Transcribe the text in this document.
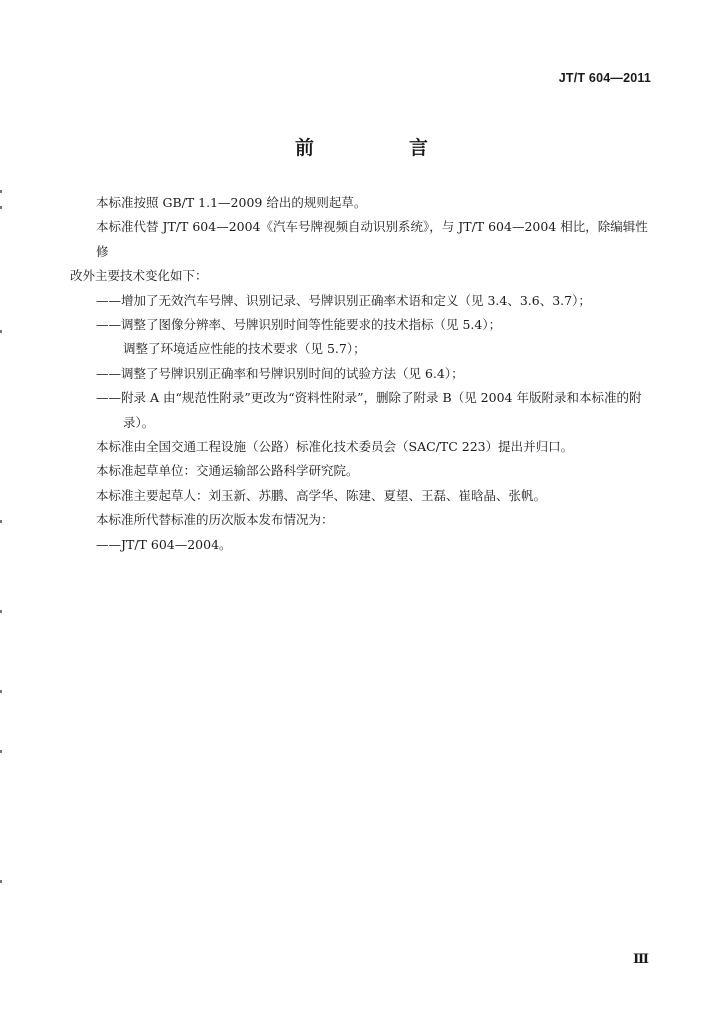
JT/T 604—2011
前　言

本标准按照 GB/T 1.1—2009 给出的规则起草。

本标准代替 JT/T 604—2004《汽车号牌视频自动识别系统》，与 JT/T 604—2004 相比，除编辑性修

改外主要技术变化如下：

——增加了无效汽车号牌、识别记录、号牌识别正确率术语和定义（见 3.4、3.6、3.7）；

——调整了图像分辨率、号牌识别时间等性能要求的技术指标（见 5.4）；

调整了环境适应性能的技术要求（见 5.7）；

——调整了号牌识别正确率和号牌识别时间的试验方法（见 6.4）；

——附录 A 由“规范性附录”更改为“资料性附录”，删除了附录 B（见 2004 年版附录和本标准的附

录）。

本标准由全国交通工程设施（公路）标准化技术委员会（SAC/TC 223）提出并归口。

本标准起草单位：交通运输部公路科学研究院。

本标准主要起草人：刘玉新、苏鹏、高学华、陈建、夏望、王磊、崔晗晶、张帆。

本标准所代替标准的历次版本发布情况为：

——JT/T 604—2004。

Ⅲ
